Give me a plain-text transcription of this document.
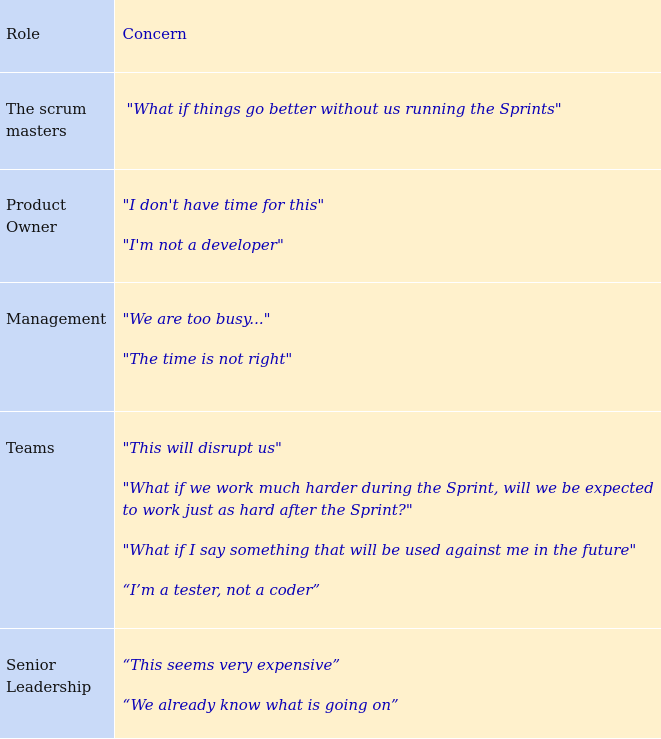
Role	Concern
The scrum masters	"What if things go better without us running the Sprints"

Product Owner	"I don't have time for this"
"I'm not a developer"

Management	"We are too busy..."
"The time is not right"

Teams	"This will disrupt us"
"What if we work much harder during the Sprint, will we be expected to work just as hard after the Sprint?"
"What if I say something that will be used against me in the future"
“I’m a tester, not a coder”

Senior Leadership	“This seems very expensive”
“We already know what is going on”
